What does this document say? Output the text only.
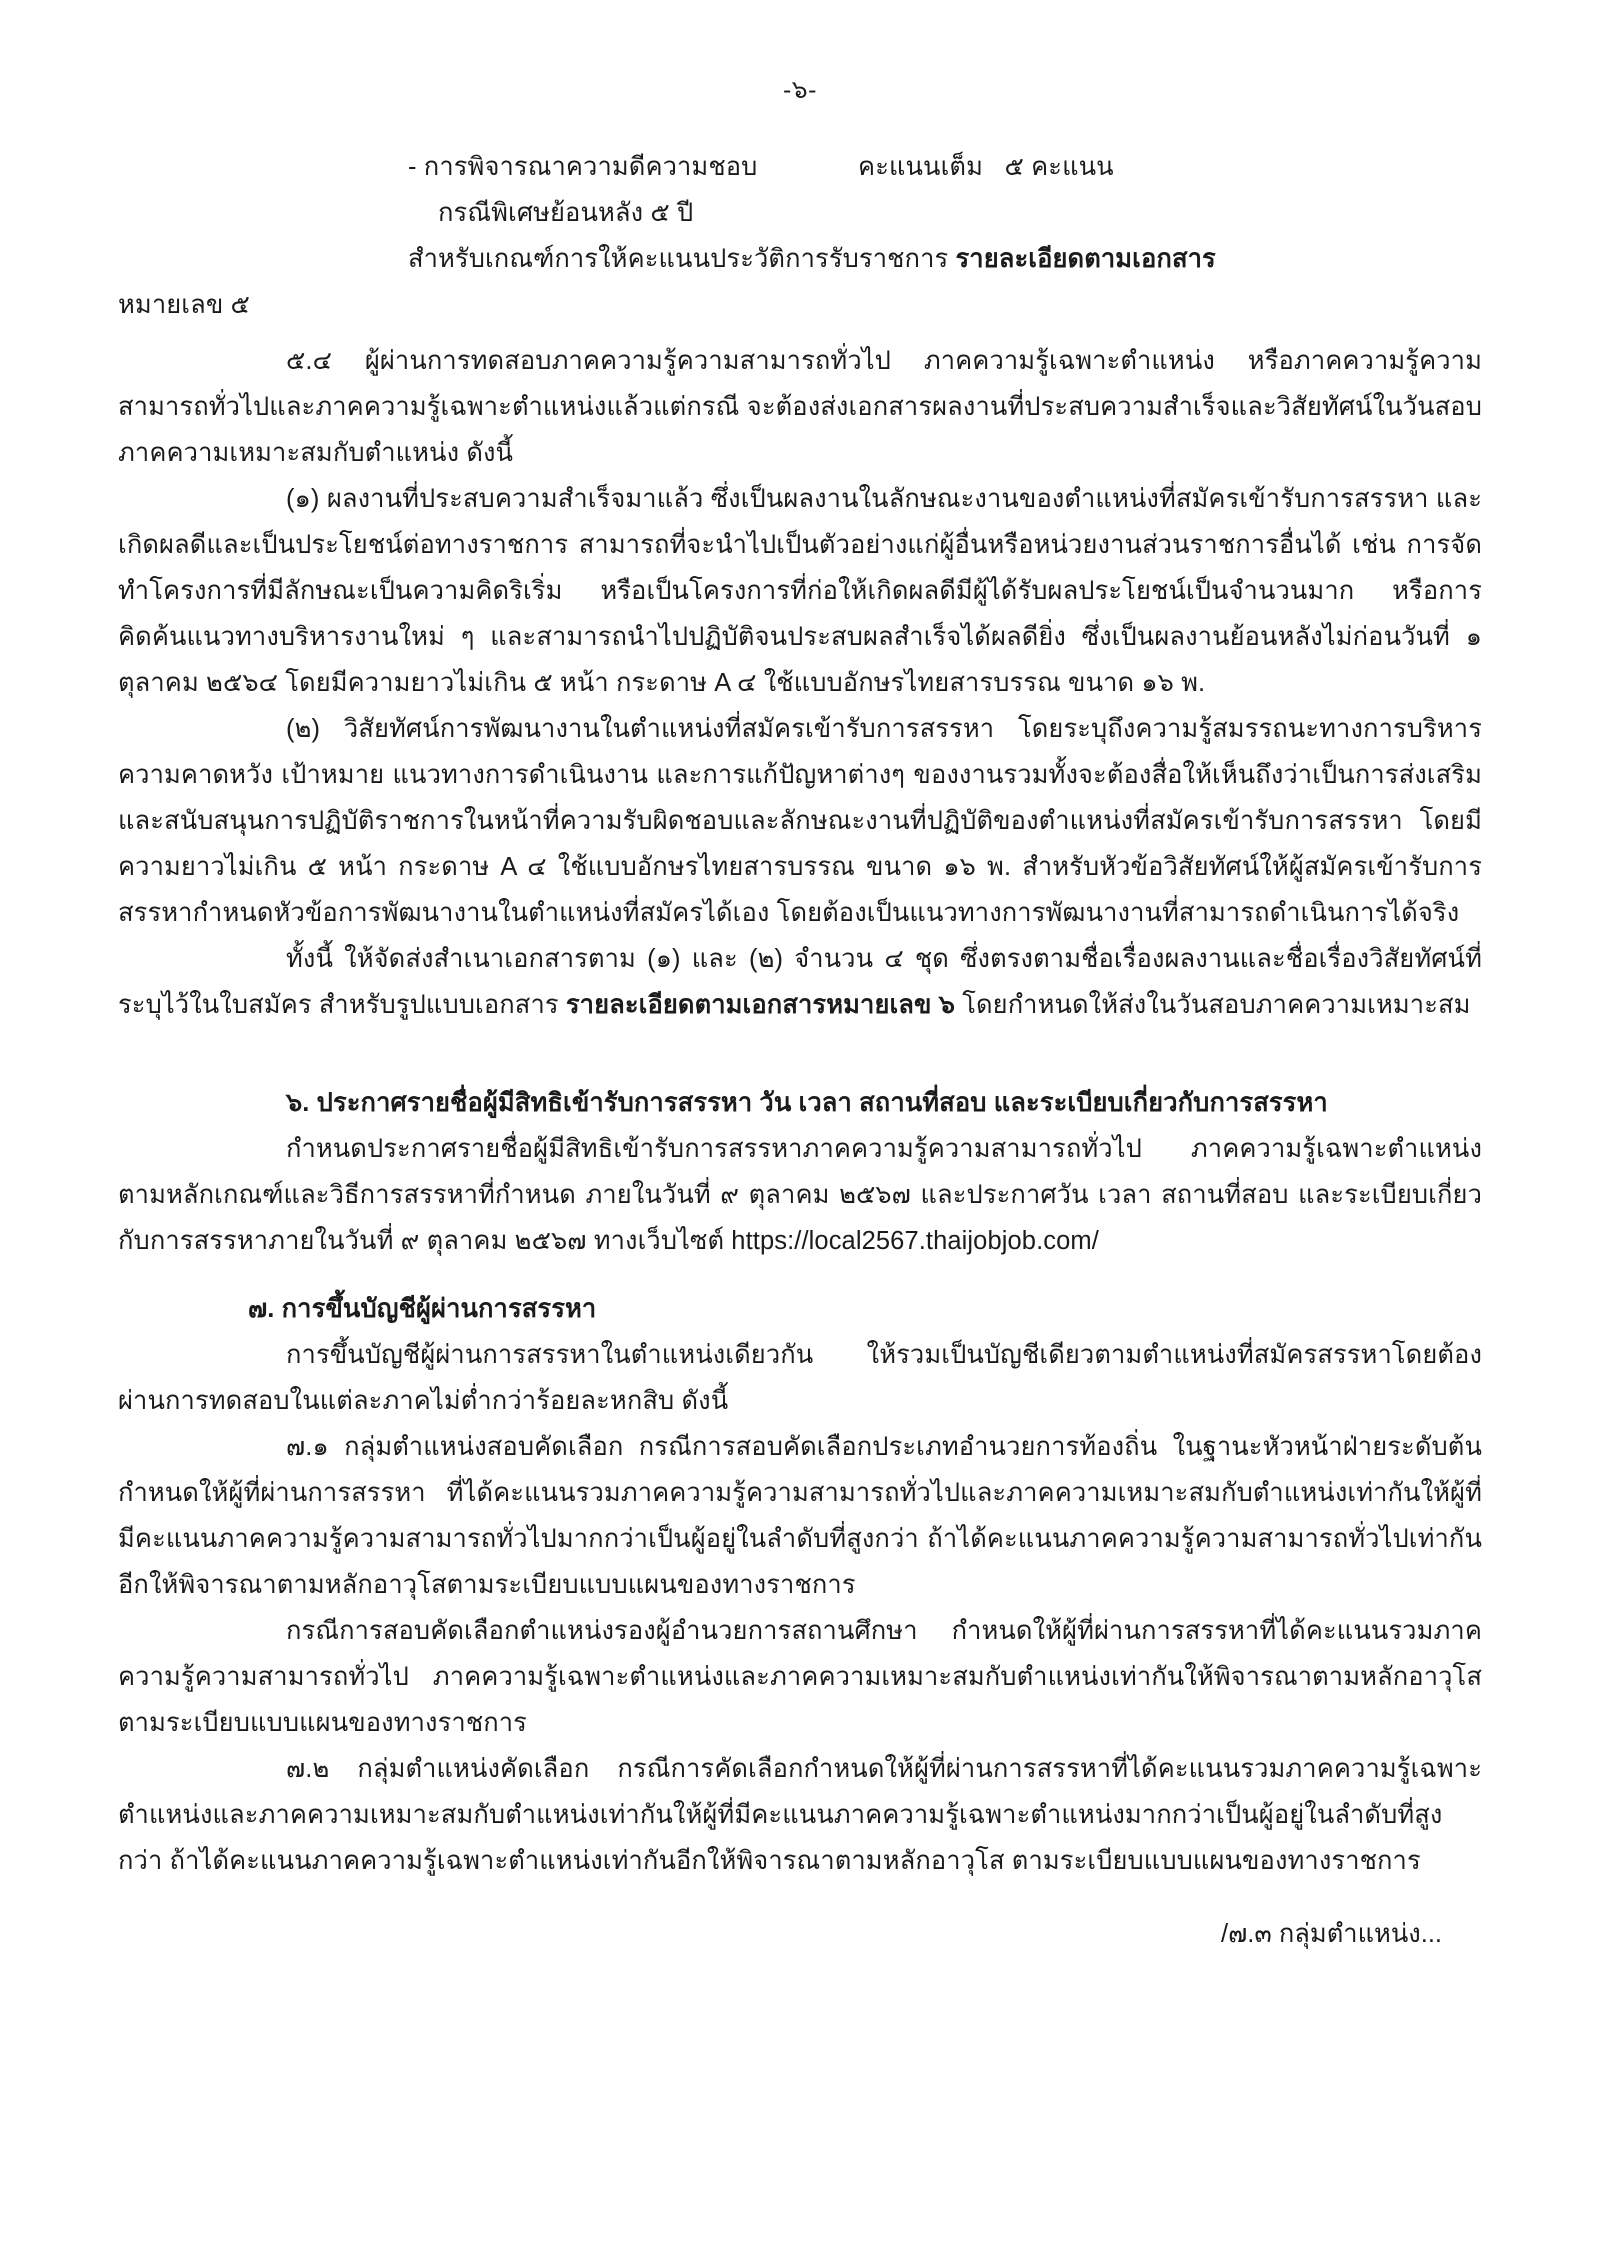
-๖-
- การพิจารณาความดีความชอบ              คะแนนเต็ม   ๕ คะแนน
กรณีพิเศษย้อนหลัง ๕ ปี
สำหรับเกณฑ์การให้คะแนนประวัติการรับราชการ รายละเอียดตามเอกสาร
หมายเลข ๕
๕.๔ ผู้ผ่านการทดสอบภาคความรู้ความสามารถทั่วไป ภาคความรู้เฉพาะตำแหน่ง หรือภาคความรู้ความสามารถทั่วไปและภาคความรู้เฉพาะตำแหน่งแล้วแต่กรณี จะต้องส่งเอกสารผลงานที่ประสบความสำเร็จและวิสัยทัศน์ในวันสอบภาคความเหมาะสมกับตำแหน่ง ดังนี้
(๑) ผลงานที่ประสบความสำเร็จมาแล้ว ซึ่งเป็นผลงานในลักษณะงานของตำแหน่งที่สมัครเข้ารับการสรรหา และเกิดผลดีและเป็นประโยชน์ต่อทางราชการ สามารถที่จะนำไปเป็นตัวอย่างแก่ผู้อื่นหรือหน่วยงานส่วนราชการอื่นได้ เช่น การจัดทำโครงการที่มีลักษณะเป็นความคิดริเริ่ม หรือเป็นโครงการที่ก่อให้เกิดผลดีมีผู้ได้รับผลประโยชน์เป็นจำนวนมาก หรือการคิดค้นแนวทางบริหารงานใหม่ ๆ และสามารถนำไปปฏิบัติจนประสบผลสำเร็จได้ผลดียิ่ง ซึ่งเป็นผลงานย้อนหลังไม่ก่อนวันที่ ๑ ตุลาคม ๒๕๖๔ โดยมีความยาวไม่เกิน ๕ หน้า กระดาษ A ๔ ใช้แบบอักษรไทยสารบรรณ ขนาด ๑๖ พ.
(๒) วิสัยทัศน์การพัฒนางานในตำแหน่งที่สมัครเข้ารับการสรรหา โดยระบุถึงความรู้สมรรถนะทางการบริหาร ความคาดหวัง เป้าหมาย แนวทางการดำเนินงาน และการแก้ปัญหาต่างๆ ของงานรวมทั้งจะต้องสื่อให้เห็นถึงว่าเป็นการส่งเสริมและสนับสนุนการปฏิบัติราชการในหน้าที่ความรับผิดชอบและลักษณะงานที่ปฏิบัติของตำแหน่งที่สมัครเข้ารับการสรรหา โดยมีความยาวไม่เกิน ๕ หน้า กระดาษ A ๔ ใช้แบบอักษรไทยสารบรรณ ขนาด ๑๖ พ. สำหรับหัวข้อวิสัยทัศน์ให้ผู้สมัครเข้ารับการสรรหากำหนดหัวข้อการพัฒนางานในตำแหน่งที่สมัครได้เอง โดยต้องเป็นแนวทางการพัฒนางานที่สามารถดำเนินการได้จริง
ทั้งนี้ ให้จัดส่งสำเนาเอกสารตาม (๑) และ (๒) จำนวน ๔ ชุด ซึ่งตรงตามชื่อเรื่องผลงานและชื่อเรื่องวิสัยทัศน์ที่ระบุไว้ในใบสมัคร สำหรับรูปแบบเอกสาร รายละเอียดตามเอกสารหมายเลข ๖ โดยกำหนดให้ส่งในวันสอบภาคความเหมาะสม
๖. ประกาศรายชื่อผู้มีสิทธิเข้ารับการสรรหา วัน เวลา สถานที่สอบ และระเบียบเกี่ยวกับการสรรหา
กำหนดประกาศรายชื่อผู้มีสิทธิเข้ารับการสรรหาภาคความรู้ความสามารถทั่วไป ภาคความรู้เฉพาะตำแหน่ง ตามหลักเกณฑ์และวิธีการสรรหาที่กำหนด ภายในวันที่ ๙ ตุลาคม ๒๕๖๗ และประกาศวัน เวลา สถานที่สอบ และระเบียบเกี่ยวกับการสรรหาภายในวันที่ ๙ ตุลาคม ๒๕๖๗ ทางเว็บไซต์ https://local2567.thaijobjob.com/
๗. การขึ้นบัญชีผู้ผ่านการสรรหา
การขึ้นบัญชีผู้ผ่านการสรรหาในตำแหน่งเดียวกัน ให้รวมเป็นบัญชีเดียวตามตำแหน่งที่สมัครสรรหาโดยต้องผ่านการทดสอบในแต่ละภาคไม่ต่ำกว่าร้อยละหกสิบ ดังนี้
๗.๑ กลุ่มตำแหน่งสอบคัดเลือก กรณีการสอบคัดเลือกประเภทอำนวยการท้องถิ่น ในฐานะหัวหน้าฝ่ายระดับต้น กำหนดให้ผู้ที่ผ่านการสรรหา ที่ได้คะแนนรวมภาคความรู้ความสามารถทั่วไปและภาคความเหมาะสมกับตำแหน่งเท่ากันให้ผู้ที่มีคะแนนภาคความรู้ความสามารถทั่วไปมากกว่าเป็นผู้อยู่ในลำดับที่สูงกว่า ถ้าได้คะแนนภาคความรู้ความสามารถทั่วไปเท่ากันอีกให้พิจารณาตามหลักอาวุโสตามระเบียบแบบแผนของทางราชการ
กรณีการสอบคัดเลือกตำแหน่งรองผู้อำนวยการสถานศึกษา กำหนดให้ผู้ที่ผ่านการสรรหาที่ได้คะแนนรวมภาคความรู้ความสามารถทั่วไป ภาคความรู้เฉพาะตำแหน่งและภาคความเหมาะสมกับตำแหน่งเท่ากันให้พิจารณาตามหลักอาวุโสตามระเบียบแบบแผนของทางราชการ
๗.๒ กลุ่มตำแหน่งคัดเลือก กรณีการคัดเลือกกำหนดให้ผู้ที่ผ่านการสรรหาที่ได้คะแนนรวมภาคความรู้เฉพาะตำแหน่งและภาคความเหมาะสมกับตำแหน่งเท่ากันให้ผู้ที่มีคะแนนภาคความรู้เฉพาะตำแหน่งมากกว่าเป็นผู้อยู่ในลำดับที่สูงกว่า ถ้าได้คะแนนภาคความรู้เฉพาะตำแหน่งเท่ากันอีกให้พิจารณาตามหลักอาวุโส ตามระเบียบแบบแผนของทางราชการ
/๗.๓ กลุ่มตำแหน่ง...
